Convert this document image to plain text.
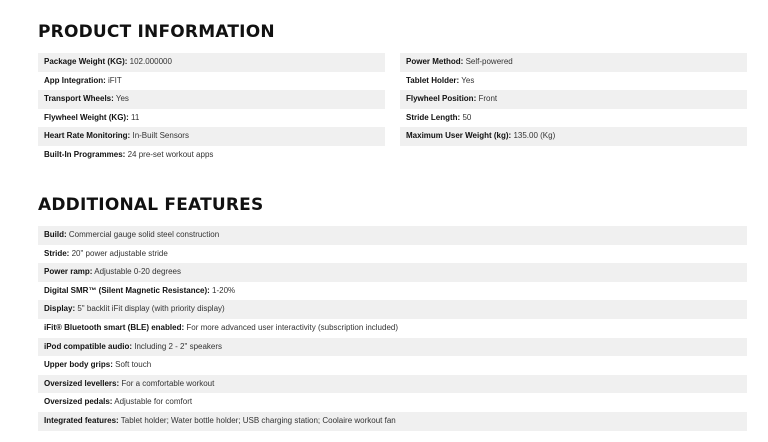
PRODUCT INFORMATION
Package Weight (KG): 102.000000
App Integration: iFIT
Transport Wheels: Yes
Flywheel Weight (KG): 11
Heart Rate Monitoring: In-Built Sensors
Built-In Programmes: 24 pre-set workout apps
Power Method: Self-powered
Tablet Holder: Yes
Flywheel Position: Front
Stride Length: 50
Maximum User Weight (kg): 135.00 (Kg)
ADDITIONAL FEATURES
Build: Commercial gauge solid steel construction
Stride: 20" power adjustable stride
Power ramp: Adjustable 0-20 degrees
Digital SMR™ (Silent Magnetic Resistance): 1-20%
Display: 5" backlit iFit display (with priority display)
iFit® Bluetooth smart (BLE) enabled: For more advanced user interactivity (subscription included)
iPod compatible audio: Including 2 - 2" speakers
Upper body grips: Soft touch
Oversized levellers: For a comfortable workout
Oversized pedals: Adjustable for comfort
Integrated features: Tablet holder; Water bottle holder; USB charging station; Coolaire workout fan
